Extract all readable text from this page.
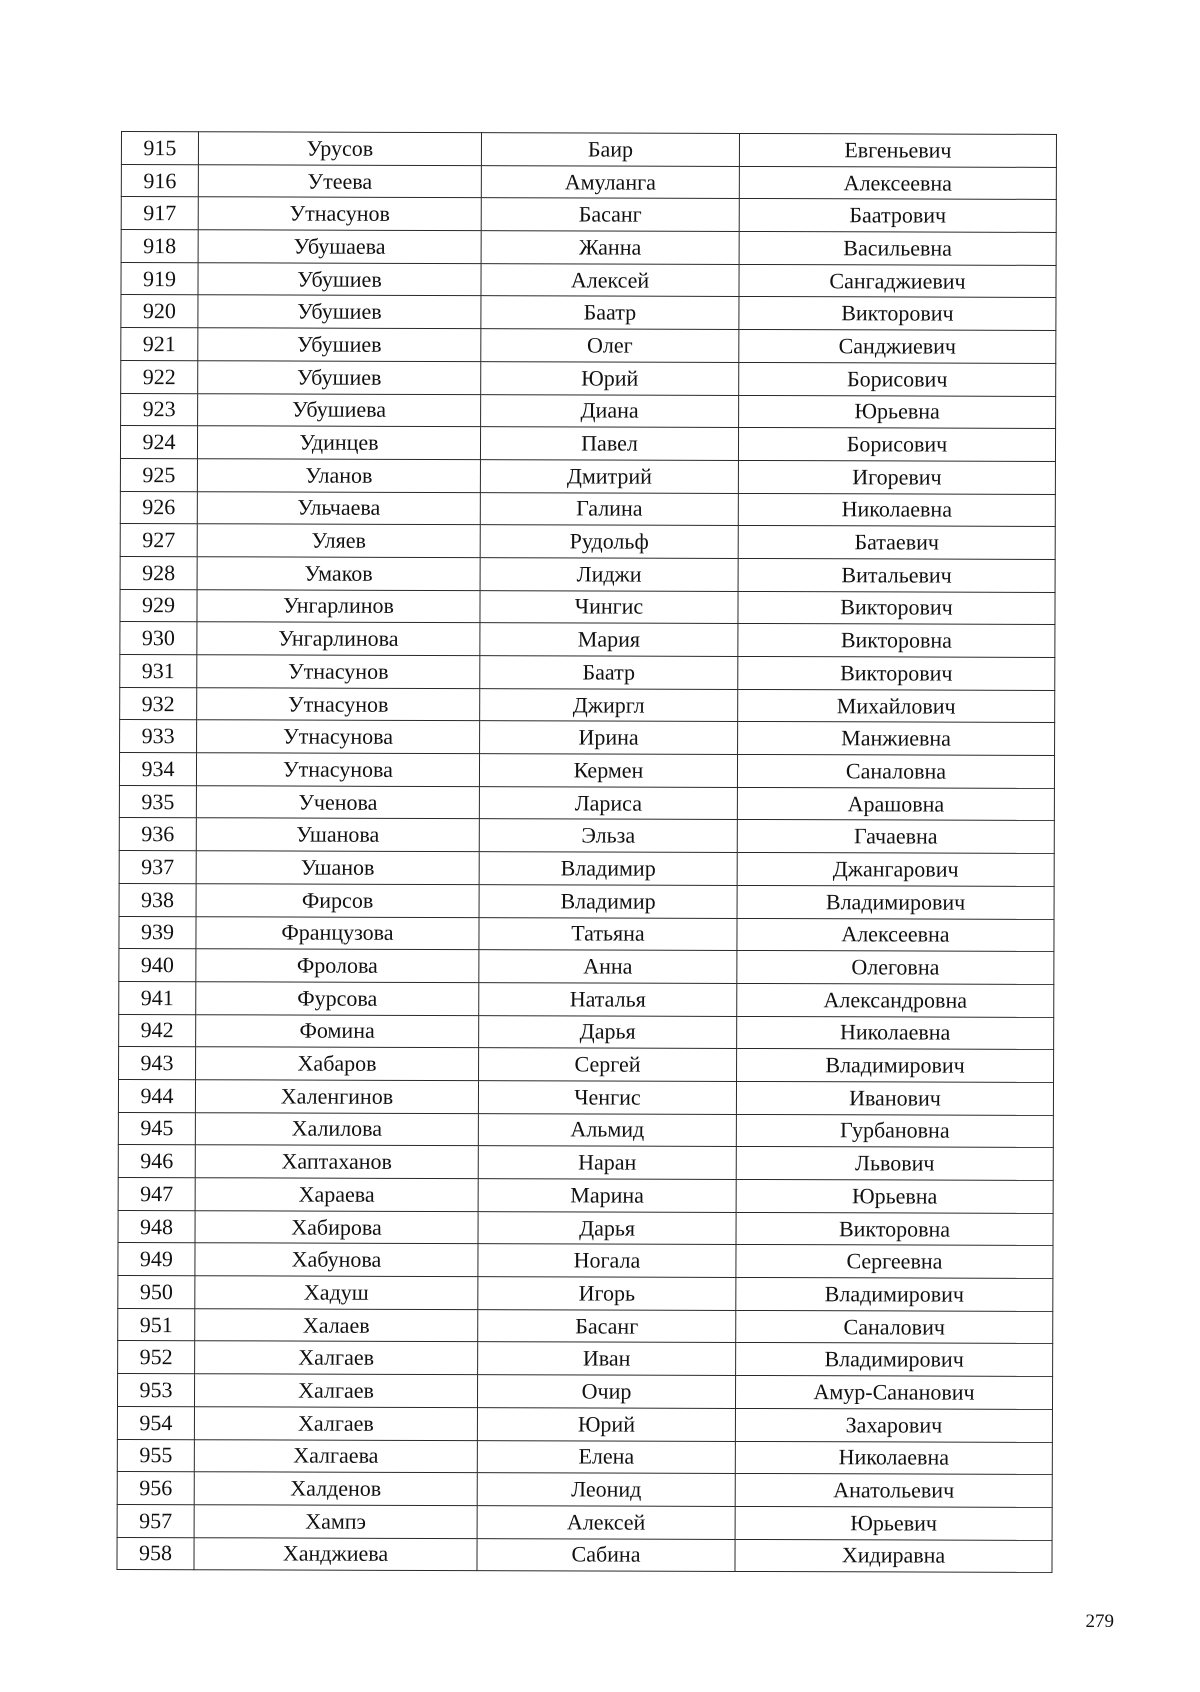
915	Урусов	Баир	Евгеньевич
916	Утеева	Амуланга	Алексеевна
917	Утнасунов	Басанг	Баатрович
918	Убушаева	Жанна	Васильевна
919	Убушиев	Алексей	Сангаджиевич
920	Убушиев	Баатр	Викторович
921	Убушиев	Олег	Санджиевич
922	Убушиев	Юрий	Борисович
923	Убушиева	Диана	Юрьевна
924	Удинцев	Павел	Борисович
925	Уланов	Дмитрий	Игоревич
926	Ульчаева	Галина	Николаевна
927	Уляев	Рудольф	Батаевич
928	Умаков	Лиджи	Витальевич
929	Унгарлинов	Чингис	Викторович
930	Унгарлинова	Мария	Викторовна
931	Утнасунов	Баатр	Викторович
932	Утнасунов	Джиргл	Михайлович
933	Утнасунова	Ирина	Манжиевна
934	Утнасунова	Кермен	Саналовна
935	Ученова	Лариса	Арашовна
936	Ушанова	Эльза	Гачаевна
937	Ушанов	Владимир	Джангарович
938	Фирсов	Владимир	Владимирович
939	Французова	Татьяна	Алексеевна
940	Фролова	Анна	Олеговна
941	Фурсова	Наталья	Александровна
942	Фомина	Дарья	Николаевна
943	Хабаров	Сергей	Владимирович
944	Халенгинов	Ченгис	Иванович
945	Халилова	Альмид	Гурбановна
946	Хаптаханов	Наран	Львович
947	Хараева	Марина	Юрьевна
948	Хабирова	Дарья	Викторовна
949	Хабунова	Ногала	Сергеевна
950	Хадуш	Игорь	Владимирович
951	Халаев	Басанг	Саналович
952	Халгаев	Иван	Владимирович
953	Халгаев	Очир	Амур-Сананович
954	Халгаев	Юрий	Захарович
955	Халгаева	Елена	Николаевна
956	Халденов	Леонид	Анатольевич
957	Хампэ	Алексей	Юрьевич
958	Ханджиева	Сабина	Хидиравна
279
